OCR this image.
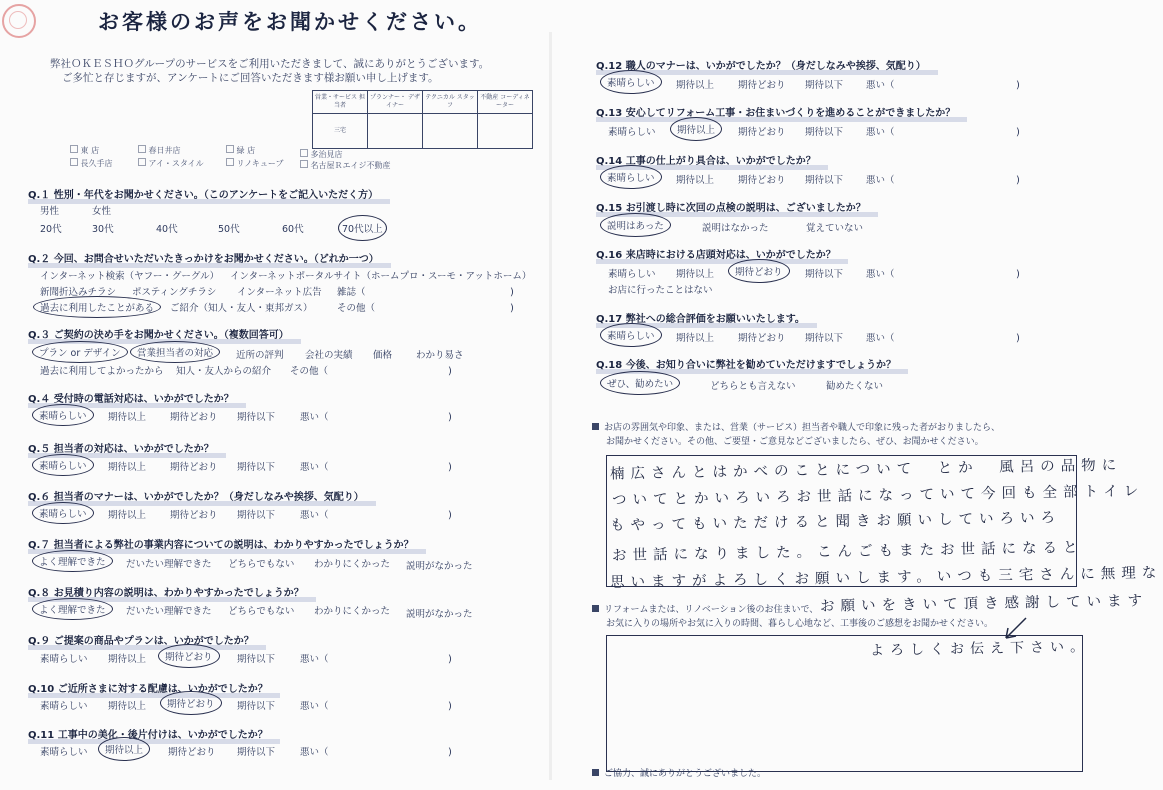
お客様のお声をお聞かせください。
弊社ＯＫＥＳＨＯグループのサービスをご利用いただきまして、誠にありがとうございます。
ご多忙と存じますが、アンケートにご回答いただきます様お願い申し上げます。
営業・サービス 担当者	プランナー・ デザイナー	テクニカル スタッフ	不動産 コーディネーター
三宅			
東 店	春日井店	緑 店	多治見店
長久手店	アイ・スタイル	リノキューブ	名古屋Ｒエイジ不動産
Q.１ 性別・年代をお聞かせください。（このアンケートをご記入いただく方）
男性	女性
20代	30代	40代	50代	60代	70代以上
Q.２ 今回、お問合せいただいたきっかけをお聞かせください。（どれか一つ）
インターネット検索（ヤフー・グーグル） インターネットポータルサイト（ホームプロ・スーモ・アットホーム）
新聞折込みチラシ ポスティングチラシ インターネット広告 雑誌（	)
過去に利用したことがある	ご紹介（知人・友人・東邦ガス）	その他（	)
Q.３ ご契約の決め手をお聞かせください。（複数回答可）
プラン or デザイン	営業担当者の対応	近所の評判 会社の実績 価格	わかり易さ
過去に利用してよかったから 知人・友人からの紹介 その他（	)
Q.４ 受付時の電話対応は、いかがでしたか？
素晴らしい	期待以上	期待どおり 期待以下	悪い（	)
Q.５ 担当者の対応は、いかがでしたか？
素晴らしい	期待以上	期待どおり 期待以下	悪い（	)
Q.６ 担当者のマナーは、いかがでしたか？（身だしなみや挨拶、気配り）
素晴らしい	期待以上	期待どおり 期待以下	悪い（	)
Q.７ 担当者による弊社の事業内容についての説明は、わかりやすかったでしょうか？
よく理解できた	だいたい理解できた どちらでもない わかりにくかった 説明がなかった
Q.８ お見積り内容の説明は、わかりやすかったでしょうか？
よく理解できた	だいたい理解できた どちらでもない わかりにくかった 説明がなかった
Q.９ ご提案の商品やプランは、いかがでしたか？
素晴らしい 期待以上	期待どおり	期待以下	悪い（	)
Q.10 ご近所さまに対する配慮は、いかがでしたか？
素晴らしい 期待以上	期待どおり	期待以下	悪い（	)
Q.11 工事中の美化・後片付けは、いかがでしたか？
素晴らしい	期待以上	期待どおり 期待以下	悪い（	)
Q.12 職人のマナーは、いかがでしたか？（身だしなみや挨拶、気配り）
素晴らしい	期待以上	期待どおり 期待以下 悪い（	)
Q.13 安心してリフォーム工事・お住まいづくりを進めることができましたか？
素晴らしい	期待以上	期待どおり 期待以下 悪い（	)
Q.14 工事の仕上がり具合は、いかがでしたか？
素晴らしい	期待以上	期待どおり 期待以下 悪い（	)
Q.15 お引渡し時に次回の点検の説明は、ございましたか？
説明はあった	説明はなかった	覚えていない
Q.16 来店時における店頭対応は、いかがでしたか？
素晴らしい 期待以上	期待どおり	期待以下 悪い（	)
お店に行ったことはない
Q.17 弊社への総合評価をお願いいたします。
素晴らしい	期待以上	期待どおり 期待以下 悪い（	)
Q.18 今後、お知り合いに弊社を勧めていただけますでしょうか？
ぜひ、勧めたい	どちらとも言えない	勧めたくない
お店の雰囲気や印象、または、営業（サービス）担当者や職人で印象に残った者がおりましたら、
お聞かせください。その他、ご要望・ご意見などございましたら、ぜひ、お聞かせください。
楠広さんとはかべのことについて　とか　風呂の品物に
ついてとかいろいろお世話になっていて今回も全部トイレ
もやってもいただけると聞きお願いしていろいろ
お世話になりました。こんごもまたお世話になると
思いますがよろしくお願いします。いつも三宅さんに無理な
お願いをきいて頂き感謝しています
リフォームまたは、リノベーション後のお住まいで、
お気に入りの場所やお気に入りの時間、暮らし心地など、工事後のご感想をお聞かせください。
よろしくお伝え下さい。
ご協力、誠にありがとうございました。
